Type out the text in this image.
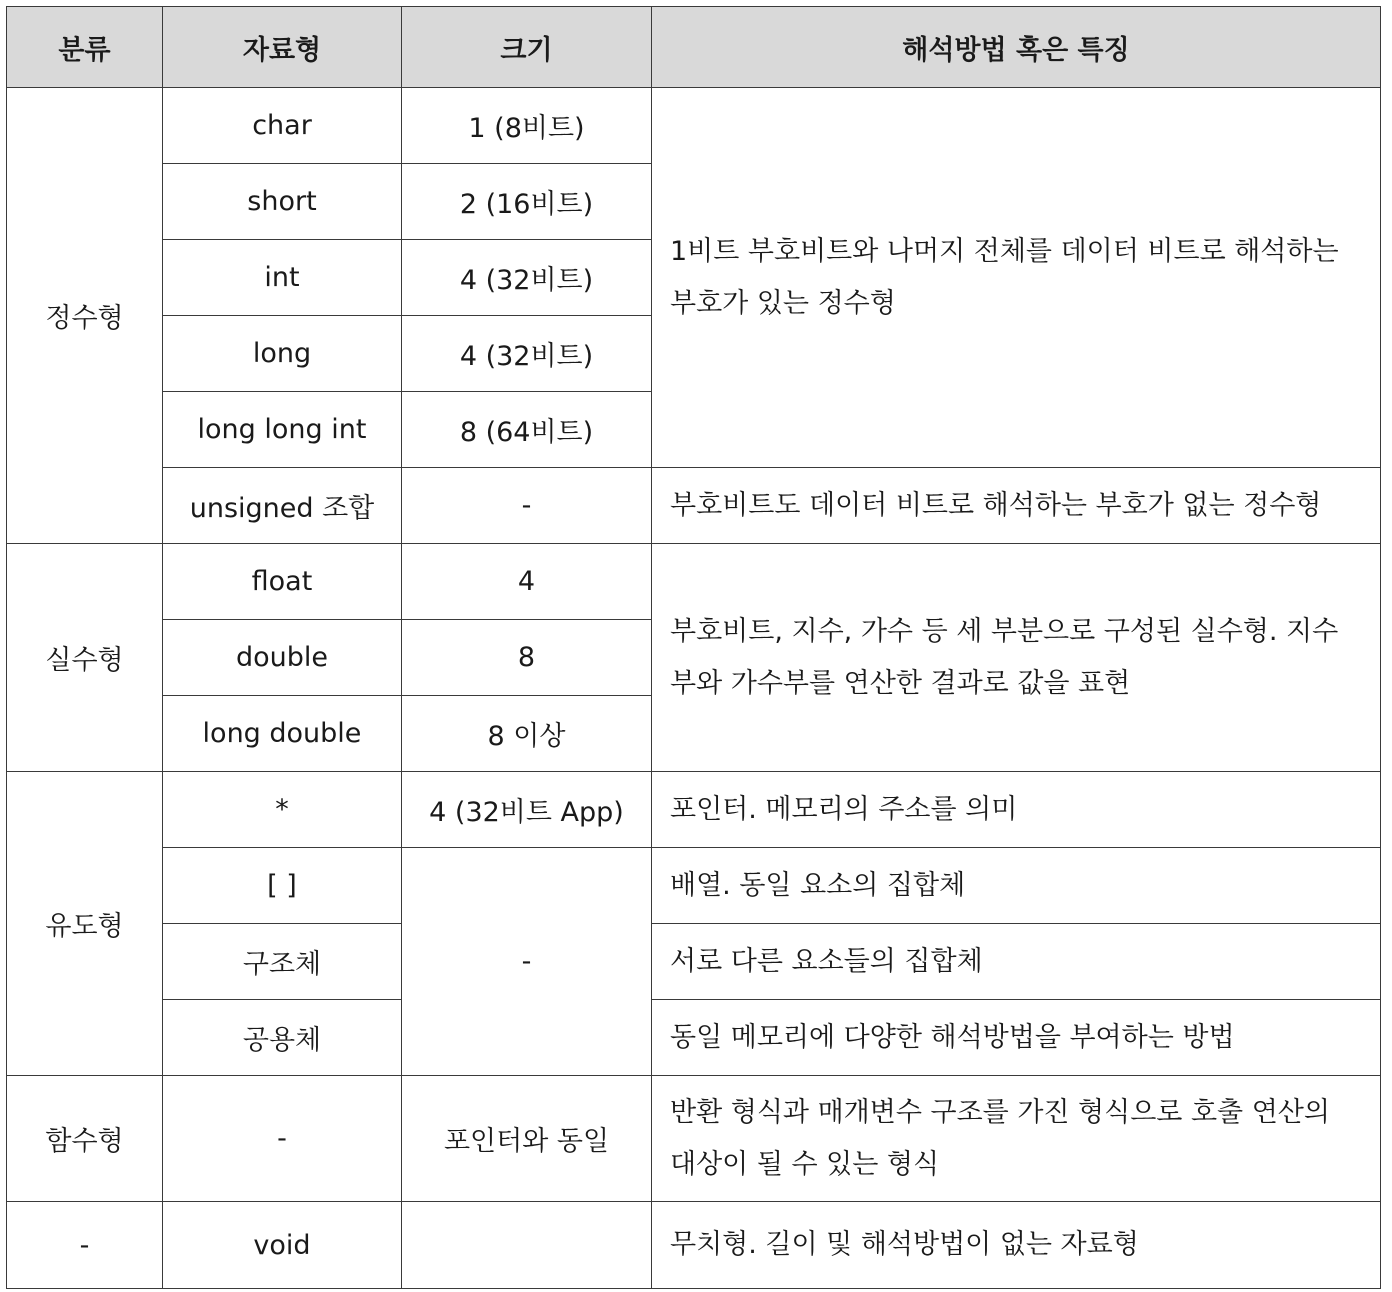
분류	자료형	크기	해석방법 혹은 특징
정수형	char	1 (8비트)	1비트 부호비트와 나머지 전체를 데이터 비트로 해석하는 부호가 있는 정수형
	short	2 (16비트)	
	int	4 (32비트)	
	long	4 (32비트)	
	long long int	8 (64비트)	
	unsigned 조합	-	부호비트도 데이터 비트로 해석하는 부호가 없는 정수형
실수형	float	4	부호비트, 지수, 가수 등 세 부분으로 구성된 실수형. 지수부와 가수부를 연산한 결과로 값을 표현
	double	8	
	long double	8 이상	
유도형	*	4 (32비트 App)	포인터. 메모리의 주소를 의미
	[ ]	-	배열. 동일 요소의 집합체
	구조체		서로 다른 요소들의 집합체
	공용체		동일 메모리에 다양한 해석방법을 부여하는 방법
함수형	-	포인터와 동일	반환 형식과 매개변수 구조를 가진 형식으로 호출 연산의 대상이 될 수 있는 형식
-	void		무치형. 길이 및 해석방법이 없는 자료형
